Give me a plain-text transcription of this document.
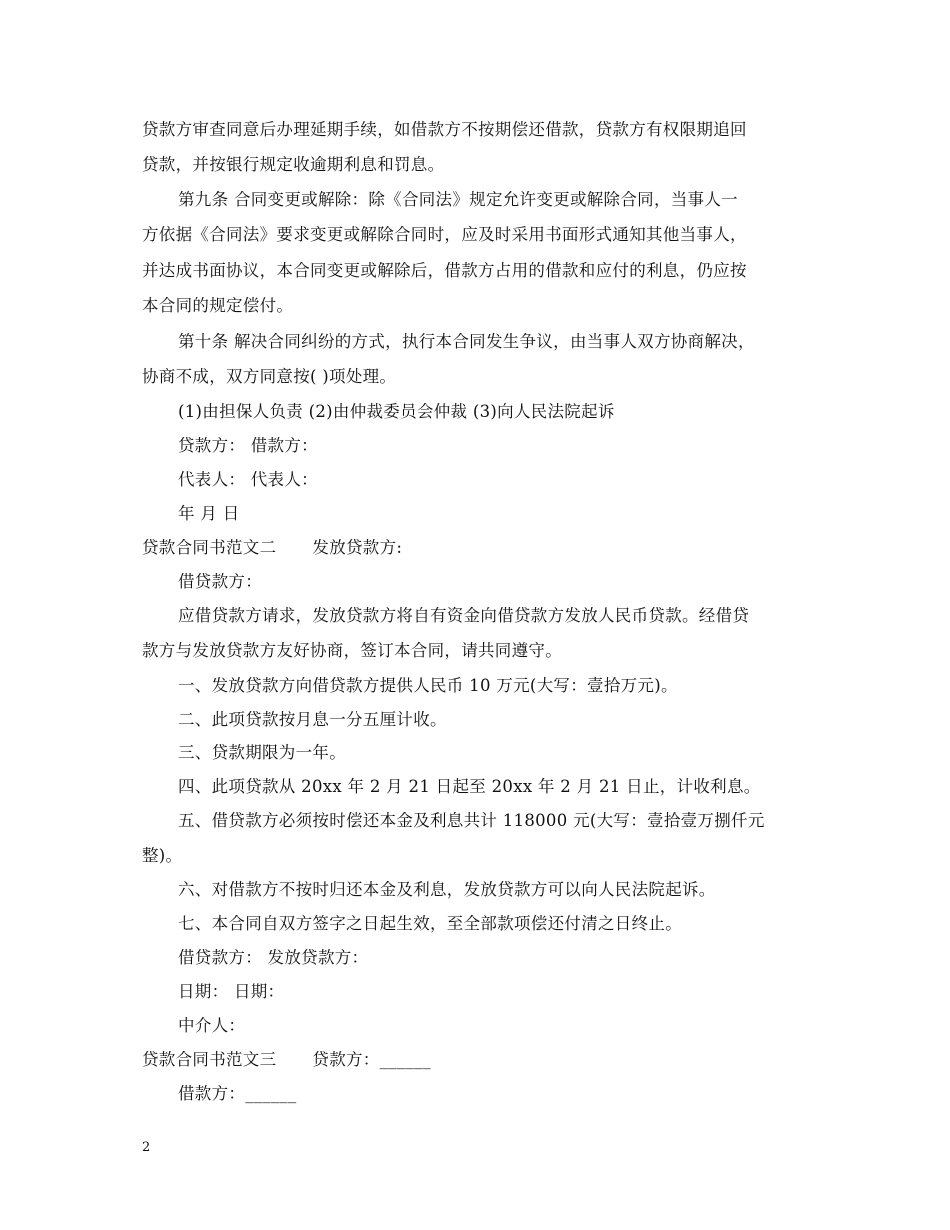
贷款方审查同意后办理延期手续，如借款方不按期偿还借款，贷款方有权限期追回
贷款，并按银行规定收逾期利息和罚息。
第九条 合同变更或解除：除《合同法》规定允许变更或解除合同，当事人一
方依据《合同法》要求变更或解除合同时，应及时采用书面形式通知其他当事人，
并达成书面协议，本合同变更或解除后，借款方占用的借款和应付的利息，仍应按
本合同的规定偿付。
第十条 解决合同纠纷的方式，执行本合同发生争议，由当事人双方协商解决，
协商不成，双方同意按( )项处理。
(1)由担保人负责 (2)由仲裁委员会仲裁 (3)向人民法院起诉
贷款方： 借款方：
代表人： 代表人：
年 月 日
贷款合同书范文二 发放贷款方:
借贷款方：
应借贷款方请求，发放贷款方将自有资金向借贷款方发放人民币贷款。经借贷
款方与发放贷款方友好协商，签订本合同，请共同遵守。
一、发放贷款方向借贷款方提供人民币 10 万元(大写：壹拾万元)。
二、此项贷款按月息一分五厘计收。
三、贷款期限为一年。
四、此项贷款从 20xx 年 2 月 21 日起至 20xx 年 2 月 21 日止，计收利息。
五、借贷款方必须按时偿还本金及利息共计 118000 元(大写：壹拾壹万捌仟元
整)。
六、对借款方不按时归还本金及利息，发放贷款方可以向人民法院起诉。
七、本合同自双方签字之日起生效，至全部款项偿还付清之日终止。
借贷款方： 发放贷款方：
日期： 日期：
中介人：
贷款合同书范文三 贷款方：______
借款方：______
2
